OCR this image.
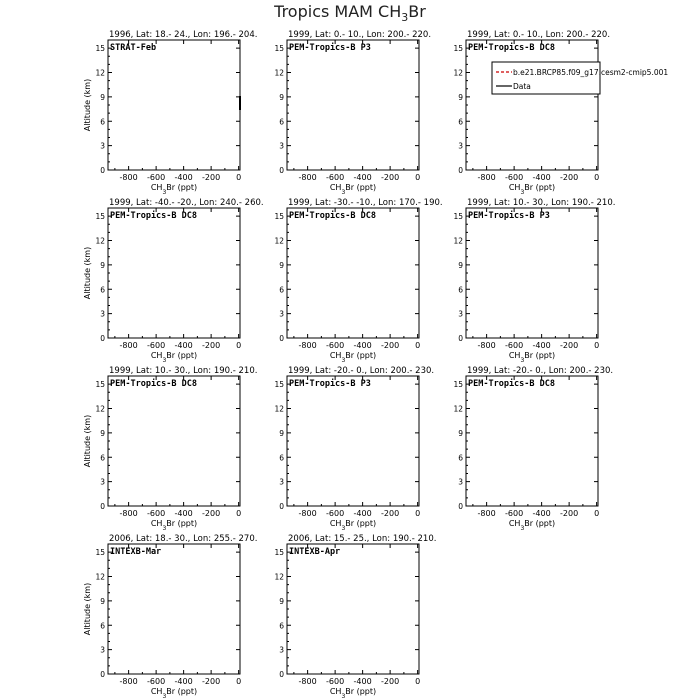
Tropics MAM $CH_3Br$
1996, Lat: 18.- 24., Lon: 196.- 204.
STRAT-Feb
-800 -600 -400 -200 0
0
3
6
9
12
15
$CH_3Br$ (ppt)
Altitude (km)
1999, Lat: 0.- 10., Lon: 200.- 220.
PEM-Tropics-B P3
-800 -600 -400 -200 0
0
3
6
9
12
15
$CH_3Br$ (ppt)
1999, Lat: 0.- 10., Lon: 200.- 220.
PEM-Tropics-B DC8
-800 -600 -400 -200 0
0
3
6
9
12
15
$CH_3Br$ (ppt)
1999, Lat: -40.- -20., Lon: 240.- 260.
PEM-Tropics-B DC8
-800 -600 -400 -200 0
0
3
6
9
12
15
$CH_3Br$ (ppt)
Altitude (km)
1999, Lat: -30.- -10., Lon: 170.- 190.
PEM-Tropics-B DC8
-800 -600 -400 -200 0
0
3
6
9
12
15
$CH_3Br$ (ppt)
1999, Lat: 10.- 30., Lon: 190.- 210.
PEM-Tropics-B P3
-800 -600 -400 -200 0
0
3
6
9
12
15
$CH_3Br$ (ppt)
1999, Lat: 10.- 30., Lon: 190.- 210.
PEM-Tropics-B DC8
-800 -600 -400 -200 0
0
3
6
9
12
15
$CH_3Br$ (ppt)
Altitude (km)
1999, Lat: -20.- 0., Lon: 200.- 230.
PEM-Tropics-B P3
-800 -600 -400 -200 0
0
3
6
9
12
15
$CH_3Br$ (ppt)
1999, Lat: -20.- 0., Lon: 200.- 230.
PEM-Tropics-B DC8
-800 -600 -400 -200 0
0
3
6
9
12
15
$CH_3Br$ (ppt)
2006, Lat: 18.- 30., Lon: 255.- 270.
INTEXB-Mar
-800 -600 -400 -200 0
0
3
6
9
12
15
$CH_3Br$ (ppt)
Altitude (km)
2006, Lat: 15.- 25., Lon: 190.- 210.
INTEXB-Apr
-800 -600 -400 -200 0
0
3
6
9
12
15
$CH_3Br$ (ppt)
b.e21.BRCP85.f09_g17.cesm2-cmip5.001
Data
